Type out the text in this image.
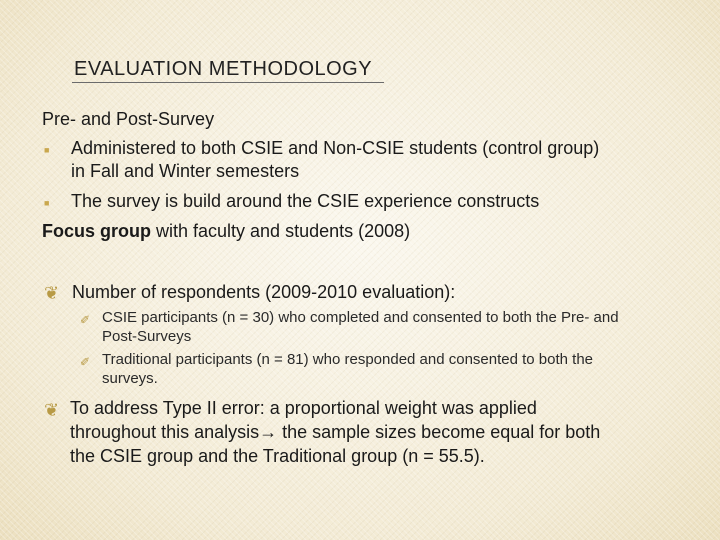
EVALUATION METHODOLOGY
Pre- and Post-Survey
■ Administered to both CSIE and Non-CSIE students (control group)
in Fall and Winter semesters
■ The survey is build around the CSIE experience constructs
Focus group with faculty and students (2008)
❦ Number of respondents (2009-2010 evaluation):
✐ CSIE participants (n = 30) who completed and consented to both the Pre- and
Post-Surveys
✐ Traditional participants (n = 81) who responded and consented to both the
surveys.
❦ To address Type II error: a proportional weight was applied
throughout this analysis→ the sample sizes become equal for both
the CSIE group and the Traditional group (n = 55.5).
